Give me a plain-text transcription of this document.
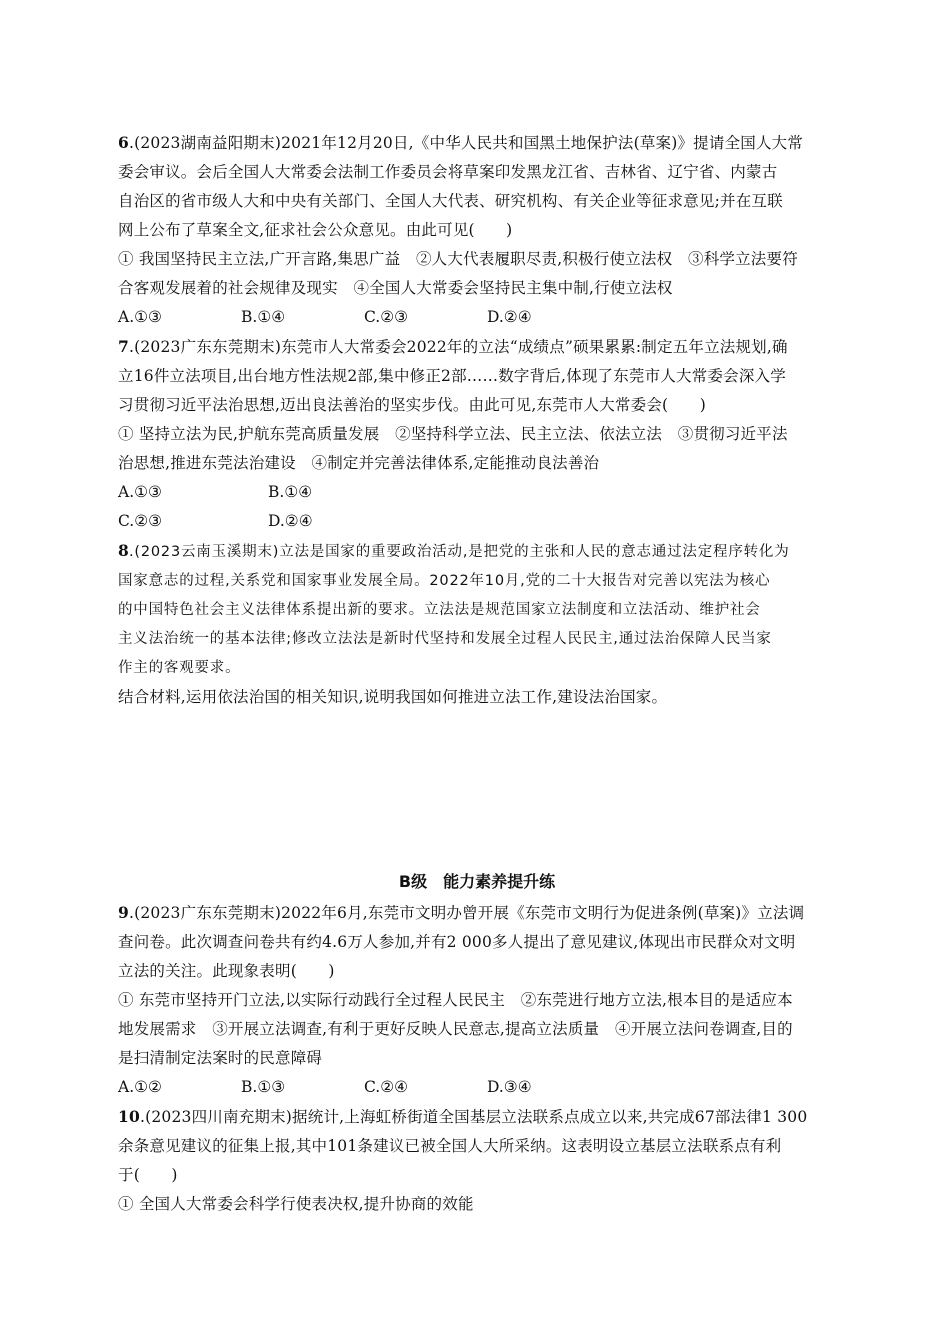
6.(2023湖南益阳期末)2021年12月20日,《中华人民共和国黑土地保护法(草案)》提请全国人大常
委会审议。会后全国人大常委会法制工作委员会将草案印发黑龙江省、吉林省、辽宁省、内蒙古
自治区的省市级人大和中央有关部门、全国人大代表、研究机构、有关企业等征求意见;并在互联
网上公布了草案全文,征求社会公众意见。由此可见(　　)
① 我国坚持民主立法,广开言路,集思广益　②人大代表履职尽责,积极行使立法权　③科学立法要符
合客观发展着的社会规律及现实　④全国人大常委会坚持民主集中制,行使立法权
A.①③	B.①④	C.②③	D.②④
7.(2023广东东莞期末)东莞市人大常委会2022年的立法“成绩点”硕果累累:制定五年立法规划,确
立16件立法项目,出台地方性法规2部,集中修正2部……数字背后,体现了东莞市人大常委会深入学
习贯彻习近平法治思想,迈出良法善治的坚实步伐。由此可见,东莞市人大常委会(　　)
① 坚持立法为民,护航东莞高质量发展　②坚持科学立法、民主立法、依法立法　③贯彻习近平法
治思想,推进东莞法治建设　④制定并完善法律体系,定能推动良法善治
A.①③	B.①④
C.②③	D.②④
8.(2023云南玉溪期末)立法是国家的重要政治活动,是把党的主张和人民的意志通过法定程序转化为
国家意志的过程,关系党和国家事业发展全局。2022年10月,党的二十大报告对完善以宪法为核心
的中国特色社会主义法律体系提出新的要求。立法法是规范国家立法制度和立法活动、维护社会
主义法治统一的基本法律;修改立法法是新时代坚持和发展全过程人民民主,通过法治保障人民当家
作主的客观要求。
结合材料,运用依法治国的相关知识,说明我国如何推进立法工作,建设法治国家。
B级　能力素养提升练
9.(2023广东东莞期末)2022年6月,东莞市文明办曾开展《东莞市文明行为促进条例(草案)》立法调
查问卷。此次调查问卷共有约4.6万人参加,并有2 000多人提出了意见建议,体现出市民群众对文明
立法的关注。此现象表明(　　)
① 东莞市坚持开门立法,以实际行动践行全过程人民民主　②东莞进行地方立法,根本目的是适应本
地发展需求　③开展立法调查,有利于更好反映人民意志,提高立法质量　④开展立法问卷调查,目的
是扫清制定法案时的民意障碍
A.①②	B.①③	C.②④	D.③④
10.(2023四川南充期末)据统计,上海虹桥街道全国基层立法联系点成立以来,共完成67部法律1 300
余条意见建议的征集上报,其中101条建议已被全国人大所采纳。这表明设立基层立法联系点有利
于(　　)
① 全国人大常委会科学行使表决权,提升协商的效能
